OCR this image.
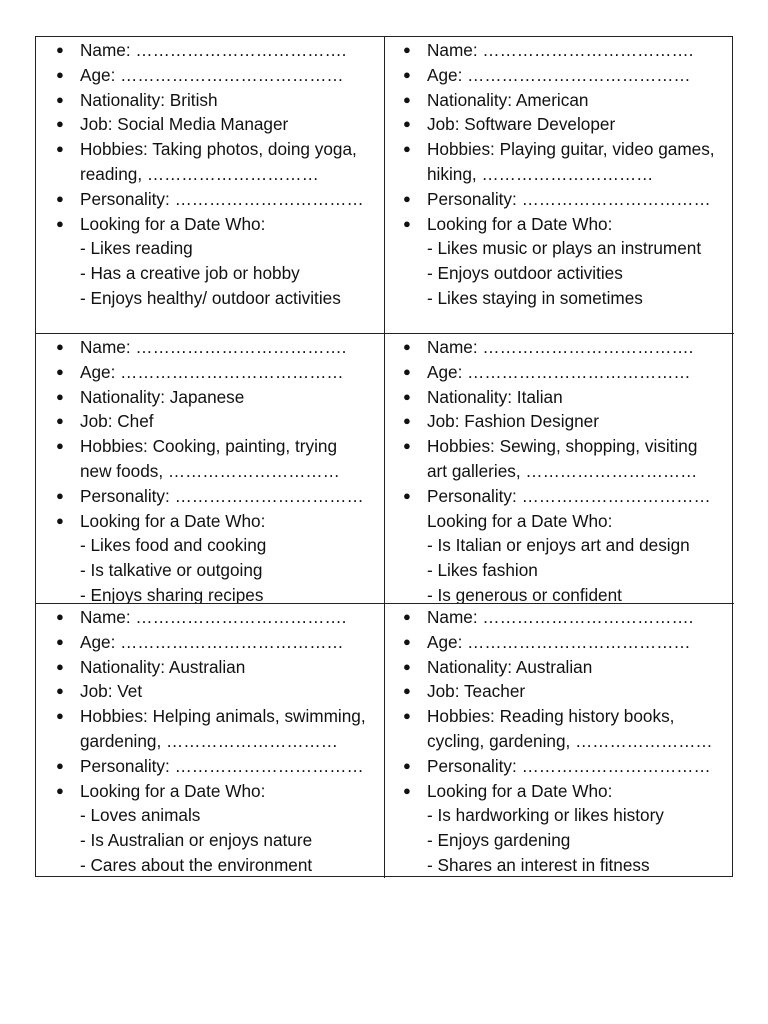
● Name: ……………………………….
● Age: …………………………………
● Nationality: British
● Job: Social Media Manager
● Hobbies: Taking photos, doing yoga,
reading, …………………………
● Personality: ……………………………
● Looking for a Date Who:
- Likes reading
- Has a creative job or hobby
- Enjoys healthy/ outdoor activities
● Name: ……………………………….
● Age: …………………………………
● Nationality: American
● Job: Software Developer
● Hobbies: Playing guitar, video games,
hiking, …………………………
● Personality: ……………………………
● Looking for a Date Who:
- Likes music or plays an instrument
- Enjoys outdoor activities
- Likes staying in sometimes
● Name: ……………………………….
● Age: …………………………………
● Nationality: Japanese
● Job: Chef
● Hobbies: Cooking, painting, trying
new foods, …………………………
● Personality: ……………………………
● Looking for a Date Who:
- Likes food and cooking
- Is talkative or outgoing
- Enjoys sharing recipes
● Name: ……………………………….
● Age: …………………………………
● Nationality: Italian
● Job: Fashion Designer
● Hobbies: Sewing, shopping, visiting
art galleries, …………………………
● Personality: ……………………………
Looking for a Date Who:
- Is Italian or enjoys art and design
- Likes fashion
- Is generous or confident
● Name: ……………………………….
● Age: …………………………………
● Nationality: Australian
● Job: Vet
● Hobbies: Helping animals, swimming,
gardening, …………………………
● Personality: ……………………………
● Looking for a Date Who:
- Loves animals
- Is Australian or enjoys nature
- Cares about the environment
● Name: ……………………………….
● Age: …………………………………
● Nationality: Australian
● Job: Teacher
● Hobbies: Reading history books,
cycling, gardening, ……………………
● Personality: ……………………………
● Looking for a Date Who:
- Is hardworking or likes history
- Enjoys gardening
- Shares an interest in fitness
